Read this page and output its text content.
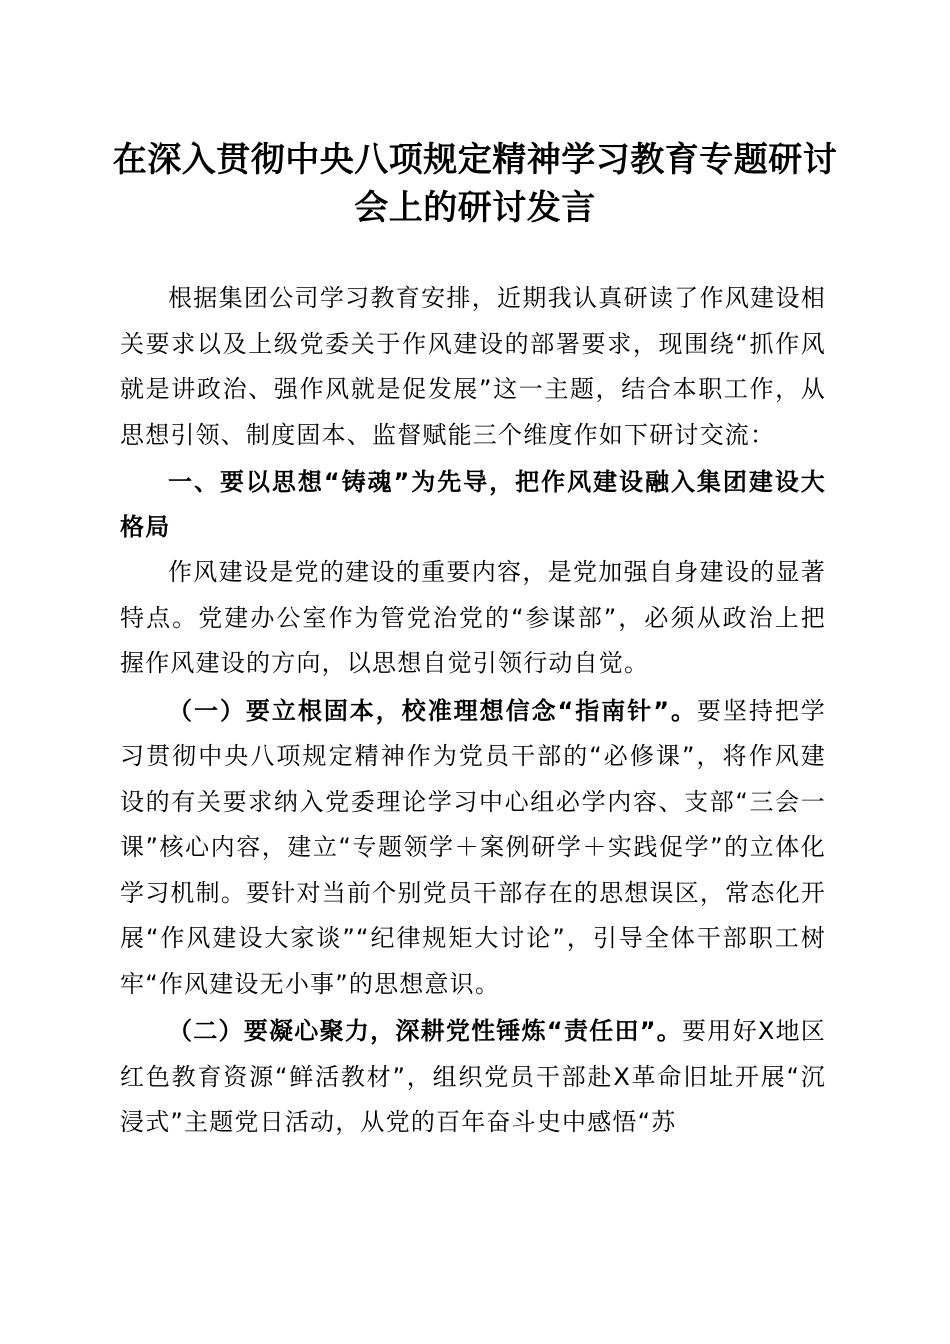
在深入贯彻中央八项规定精神学习教育专题研讨会上的研讨发言

根据集团公司学习教育安排，近期我认真研读了作风建设相关要求以及上级党委关于作风建设的部署要求，现围绕“抓作风就是讲政治、强作风就是促发展”这一主题，结合本职工作，从思想引领、制度固本、监督赋能三个维度作如下研讨交流：

一、要以思想“铸魂”为先导，把作风建设融入集团建设大格局

作风建设是党的建设的重要内容，是党加强自身建设的显著特点。党建办公室作为管党治党的“参谋部”，必须从政治上把握作风建设的方向，以思想自觉引领行动自觉。

（一）要立根固本，校准理想信念“指南针”。要坚持把学习贯彻中央八项规定精神作为党员干部的“必修课”，将作风建设的有关要求纳入党委理论学习中心组必学内容、支部“三会一课”核心内容，建立“专题领学＋案例研学＋实践促学”的立体化学习机制。要针对当前个别党员干部存在的思想误区，常态化开展“作风建设大家谈”“纪律规矩大讨论”，引导全体干部职工树牢“作风建设无小事”的思想意识。

（二）要凝心聚力，深耕党性锤炼“责任田”。要用好X地区红色教育资源“鲜活教材”，组织党员干部赴X革命旧址开展“沉浸式”主题党日活动，从党的百年奋斗史中感悟“苏
